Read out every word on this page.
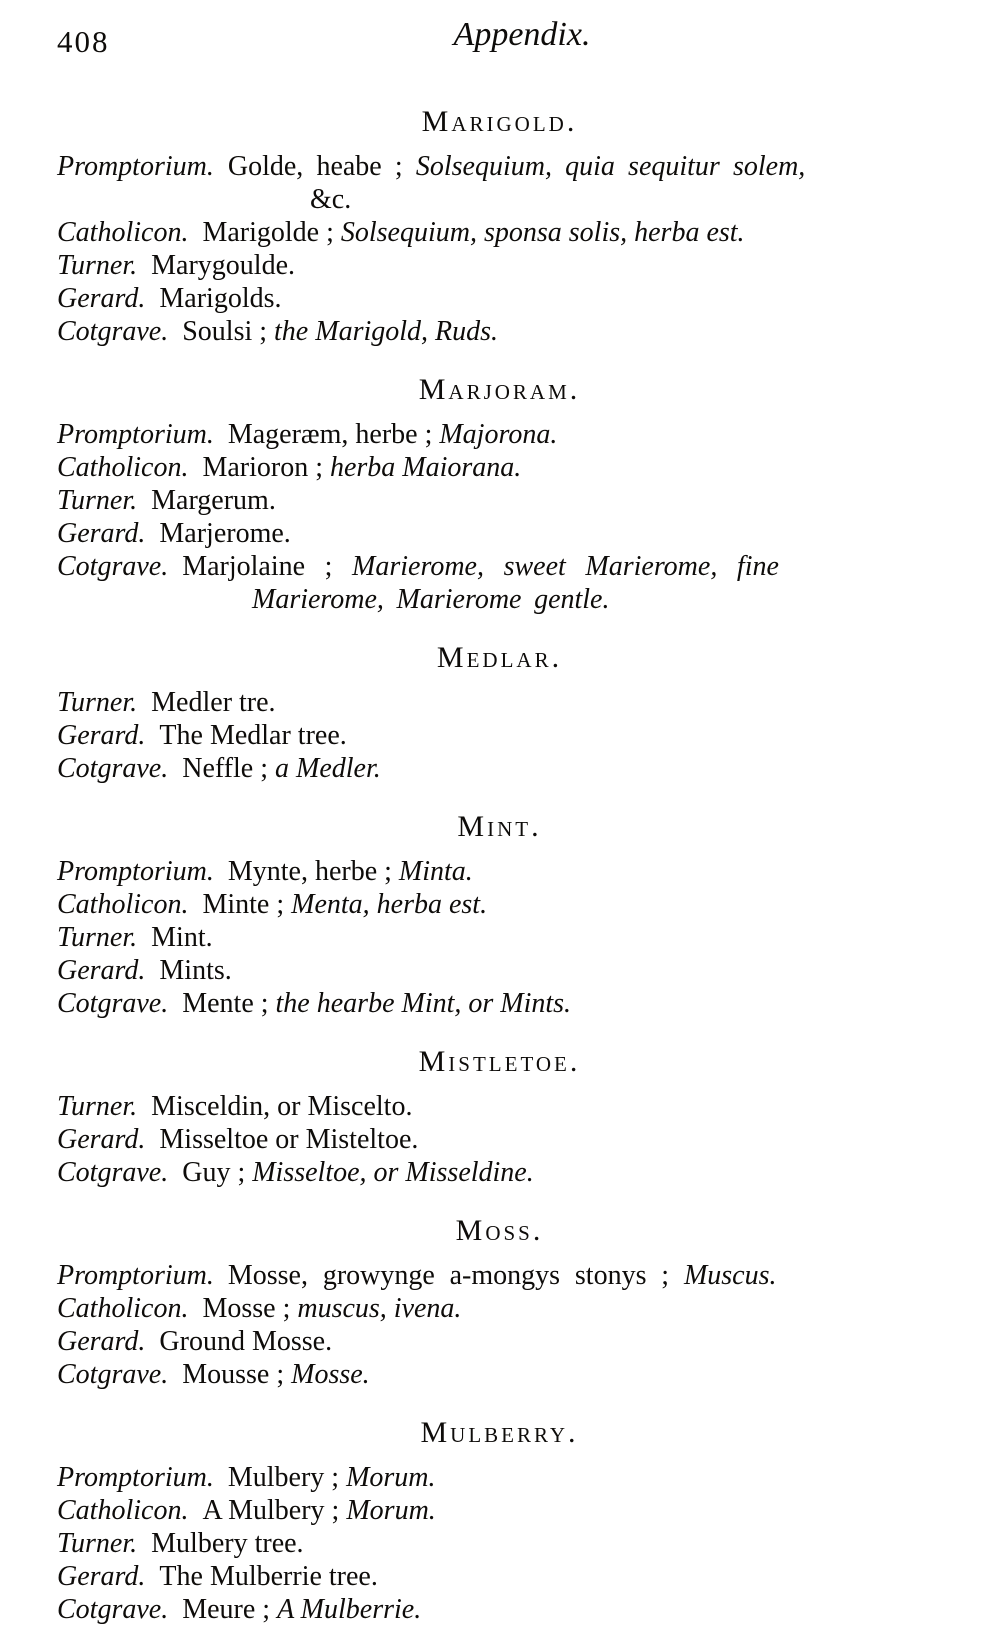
408	Appendix.
Marigold.
Promptorium. Golde, heabe ; Solsequium, quia sequitur solem,
&c.
Catholicon. Marigolde ; Solsequium, sponsa solis, herba est.
Turner. Marygoulde.
Gerard. Marigolds.
Cotgrave. Soulsi ; the Marigold, Ruds.
Marjoram.
Promptorium. Mageræm, herbe ; Majorona.
Catholicon. Marioron ; herba Maiorana.
Turner. Margerum.
Gerard. Marjerome.
Cotgrave. Marjolaine ; Marierome, sweet Marierome, fine
Marierome, Marierome gentle.
Medlar.
Turner. Medler tre.
Gerard. The Medlar tree.
Cotgrave. Neffle ; a Medler.
Mint.
Promptorium. Mynte, herbe ; Minta.
Catholicon. Minte ; Menta, herba est.
Turner. Mint.
Gerard. Mints.
Cotgrave. Mente ; the hearbe Mint, or Mints.
Mistletoe.
Turner. Misceldin, or Miscelto.
Gerard. Misseltoe or Misteltoe.
Cotgrave. Guy ; Misseltoe, or Misseldine.
Moss.
Promptorium. Mosse, growynge a-mongys stonys ; Muscus.
Catholicon. Mosse ; muscus, ivena.
Gerard. Ground Mosse.
Cotgrave. Mousse ; Mosse.
Mulberry.
Promptorium. Mulbery ; Morum.
Catholicon. A Mulbery ; Morum.
Turner. Mulbery tree.
Gerard. The Mulberrie tree.
Cotgrave. Meure ; A Mulberrie.
